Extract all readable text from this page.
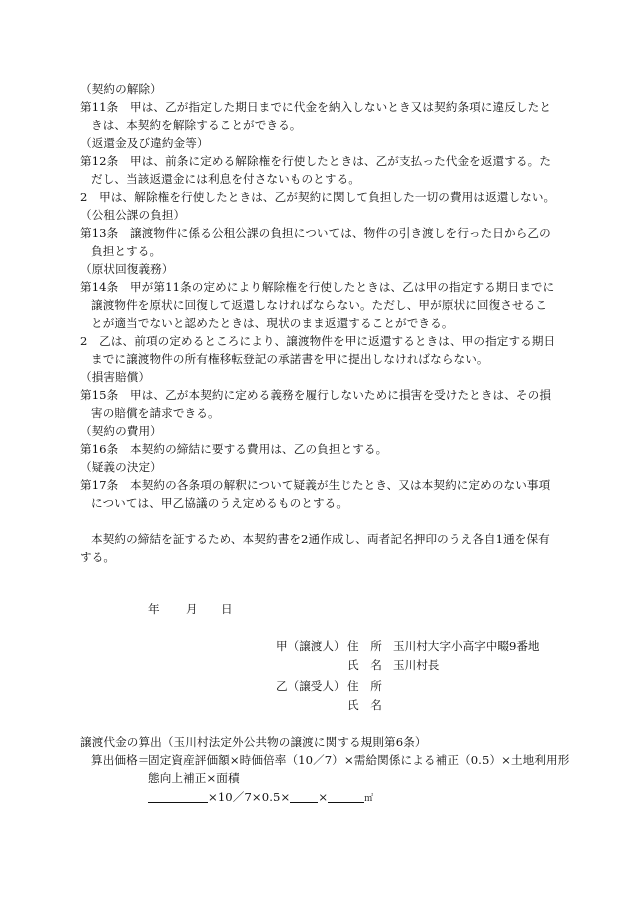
（契約の解除）
第11条　甲は、乙が指定した期日までに代金を納入しないとき又は契約条項に違反したと
きは、本契約を解除することができる。
（返還金及び違約金等）
第12条　甲は、前条に定める解除権を行使したときは、乙が支払った代金を返還する。た
だし、当該返還金には利息を付さないものとする。
2　甲は、解除権を行使したときは、乙が契約に関して負担した一切の費用は返還しない。
（公租公課の負担）
第13条　譲渡物件に係る公租公課の負担については、物件の引き渡しを行った日から乙の
負担とする。
（原状回復義務）
第14条　甲が第11条の定めにより解除権を行使したときは、乙は甲の指定する期日までに
譲渡物件を原状に回復して返還しなければならない。ただし、甲が原状に回復させるこ
とが適当でないと認めたときは、現状のまま返還することができる。
2　乙は、前項の定めるところにより、譲渡物件を甲に返還するときは、甲の指定する期日
までに譲渡物件の所有権移転登記の承諾書を甲に提出しなければならない。
（損害賠償）
第15条　甲は、乙が本契約に定める義務を履行しないために損害を受けたときは、その損
害の賠償を請求できる。
（契約の費用）
第16条　本契約の締結に要する費用は、乙の負担とする。
（疑義の決定）
第17条　本契約の各条項の解釈について疑義が生じたとき、又は本契約に定めのない事項
については、甲乙協議のうえ定めるものとする。
本契約の締結を証するため、本契約書を2通作成し、両者記名押印のうえ各自1通を保有
する。
年 月 日
甲（譲渡人） 住　所 玉川村大字小高字中畷9番地
氏　名 玉川村長
乙（譲受人） 住　所
氏　名
譲渡代金の算出（玉川村法定外公共物の譲渡に関する規則第6条）
算出価格＝
固定資産評価額×時価倍率（10／7）×需給関係による補正（0.5）×土地利用形
態向上補正×面積
×10／7×0.5× ×	㎡
